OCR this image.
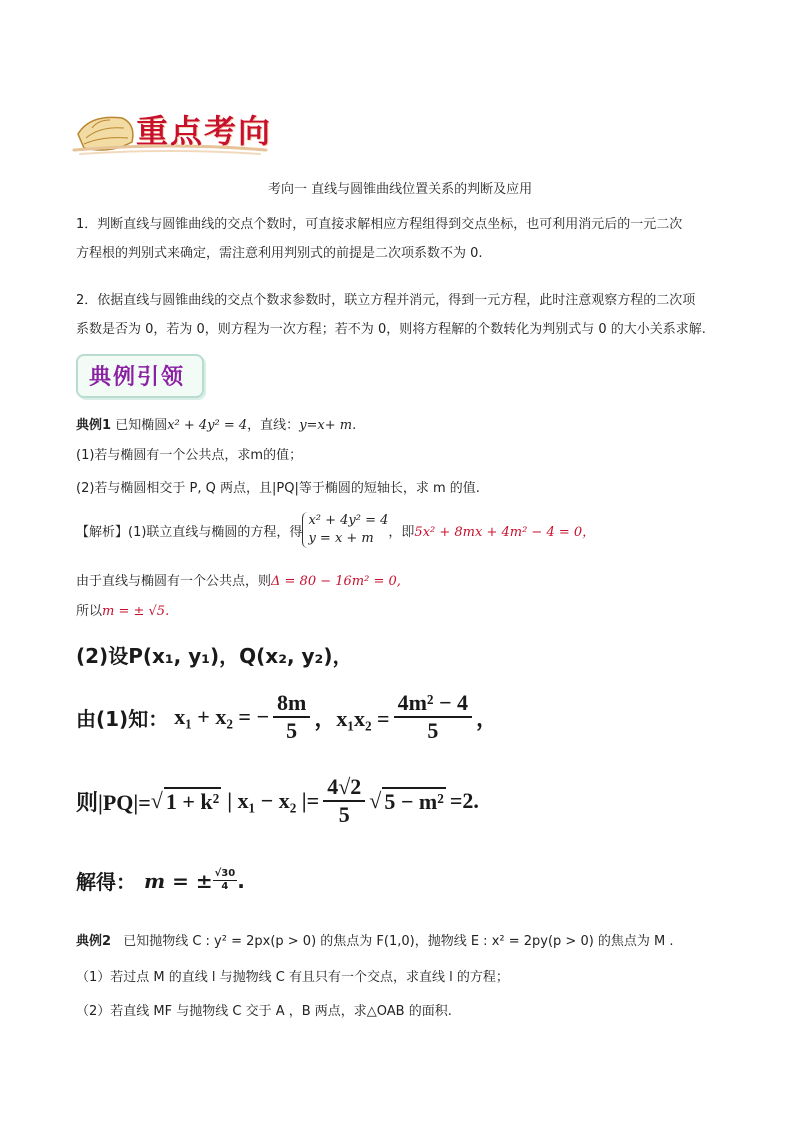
重点考向
考向一 直线与圆锥曲线位置关系的判断及应用
1．判断直线与圆锥曲线的交点个数时，可直接求解相应方程组得到交点坐标，也可利用消元后的一元二次
方程根的判别式来确定，需注意利用判别式的前提是二次项系数不为 0.
2．依据直线与圆锥曲线的交点个数求参数时，联立方程并消元，得到一元方程，此时注意观察方程的二次项
系数是否为 0，若为 0，则方程为一次方程；若不为 0，则将方程解的个数转化为判别式与 0 的大小关系求解.
典例引领
典例1 已知椭圆x² + 4y² = 4，直线：y=x+ m.
(1)若与椭圆有一个公共点，求m的值；
(2)若与椭圆相交于 P, Q 两点，且|PQ|等于椭圆的短轴长，求 m 的值.
【解析】 (1)联立直线与椭圆的方程，得
x² + 4y² = 4
y = x + m	，即 5x² + 8mx + 4m² − 4 = 0，
由于直线与椭圆有一个公共点，则Δ = 80 − 16m² = 0,
所以m = ± √5.
(2)设P(x₁, y₁)，Q(x₂, y₂)，
由(1)知： x₁ + x₂ = − $\frac{8m}{5}$ ，$x_1x_2 = \frac{\text{4m² − 4}}{5}$ ，
则|PQ|= √ 1 + k² | x₁ − x₂ |= $\frac{4√2}{5}$ √ 5 − m² =2.
解得： m = ± $\frac{√30}{4}$ .
典例2 已知抛物线 C : y² = 2px(p > 0) 的焦点为 F(1,0)，抛物线 E : x² = 2py(p > 0) 的焦点为 M .
（1）若过点 M 的直线 l 与抛物线 C 有且只有一个交点，求直线 l 的方程；
（2）若直线 MF 与抛物线 C 交于 A ，B 两点，求△OAB 的面积.
